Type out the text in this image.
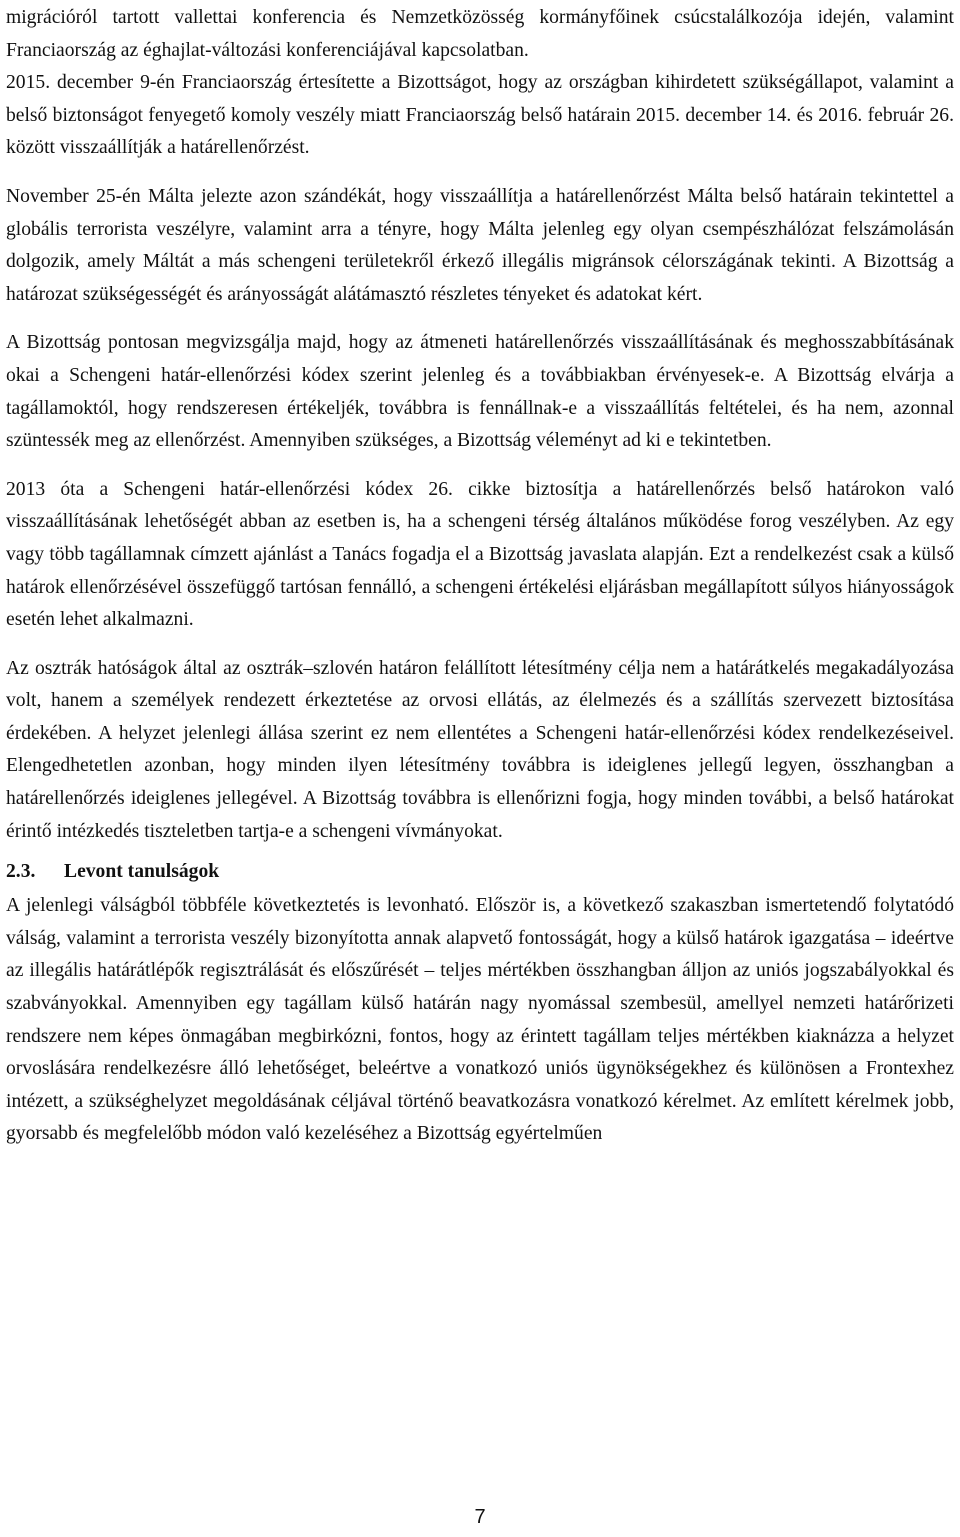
migrációról tartott vallettai konferencia és Nemzetközösség kormányfőinek csúcstalálkozója idején, valamint Franciaország az éghajlat-változási konferenciájával kapcsolatban.

2015. december 9-én Franciaország értesítette a Bizottságot, hogy az országban kihirdetett szükségállapot, valamint a belső biztonságot fenyegető komoly veszély miatt Franciaország belső határain 2015. december 14. és 2016. február 26. között visszaállítják a határellenőrzést.

November 25-én Málta jelezte azon szándékát, hogy visszaállítja a határellenőrzést Málta belső határain tekintettel a globális terrorista veszélyre, valamint arra a tényre, hogy Málta jelenleg egy olyan csempészhálózat felszámolásán dolgozik, amely Máltát a más schengeni területekről érkező illegális migránsok célországának tekinti. A Bizottság a határozat szükségességét és arányosságát alátámasztó részletes tényeket és adatokat kért.

A Bizottság pontosan megvizsgálja majd, hogy az átmeneti határellenőrzés visszaállításának és meghosszabbításának okai a Schengeni határ-ellenőrzési kódex szerint jelenleg és a továbbiakban érvényesek-e. A Bizottság elvárja a tagállamoktól, hogy rendszeresen értékeljék, továbbra is fennállnak-e a visszaállítás feltételei, és ha nem, azonnal szüntessék meg az ellenőrzést. Amennyiben szükséges, a Bizottság véleményt ad ki e tekintetben.

2013 óta a Schengeni határ-ellenőrzési kódex 26. cikke biztosítja a határellenőrzés belső határokon való visszaállításának lehetőségét abban az esetben is, ha a schengeni térség általános működése forog veszélyben. Az egy vagy több tagállamnak címzett ajánlást a Tanács fogadja el a Bizottság javaslata alapján. Ezt a rendelkezést csak a külső határok ellenőrzésével összefüggő tartósan fennálló, a schengeni értékelési eljárásban megállapított súlyos hiányosságok esetén lehet alkalmazni.

Az osztrák hatóságok által az osztrák–szlovén határon felállított létesítmény célja nem a határátkelés megakadályozása volt, hanem a személyek rendezett érkeztetése az orvosi ellátás, az élelmezés és a szállítás szervezett biztosítása érdekében. A helyzet jelenlegi állása szerint ez nem ellentétes a Schengeni határ-ellenőrzési kódex rendelkezéseivel. Elengedhetetlen azonban, hogy minden ilyen létesítmény továbbra is ideiglenes jellegű legyen, összhangban a határellenőrzés ideiglenes jellegével. A Bizottság továbbra is ellenőrizni fogja, hogy minden további, a belső határokat érintő intézkedés tiszteletben tartja-e a schengeni vívmányokat.

2.3. Levont tanulságok

A jelenlegi válságból többféle következtetés is levonható. Először is, a következő szakaszban ismertetendő folytatódó válság, valamint a terrorista veszély bizonyította annak alapvető fontosságát, hogy a külső határok igazgatása – ideértve az illegális határátlépők regisztrálását és előszűrését – teljes mértékben összhangban álljon az uniós jogszabályokkal és szabványokkal. Amennyiben egy tagállam külső határán nagy nyomással szembesül, amellyel nemzeti határőrizeti rendszere nem képes önmagában megbirkózni, fontos, hogy az érintett tagállam teljes mértékben kiaknázza a helyzet orvoslására rendelkezésre álló lehetőséget, beleértve a vonatkozó uniós ügynökségekhez és különösen a Frontexhez intézett, a szükséghelyzet megoldásának céljával történő beavatkozásra vonatkozó kérelmet. Az említett kérelmek jobb, gyorsabb és megfelelőbb módon való kezeléséhez a Bizottság egyértelműen

7
